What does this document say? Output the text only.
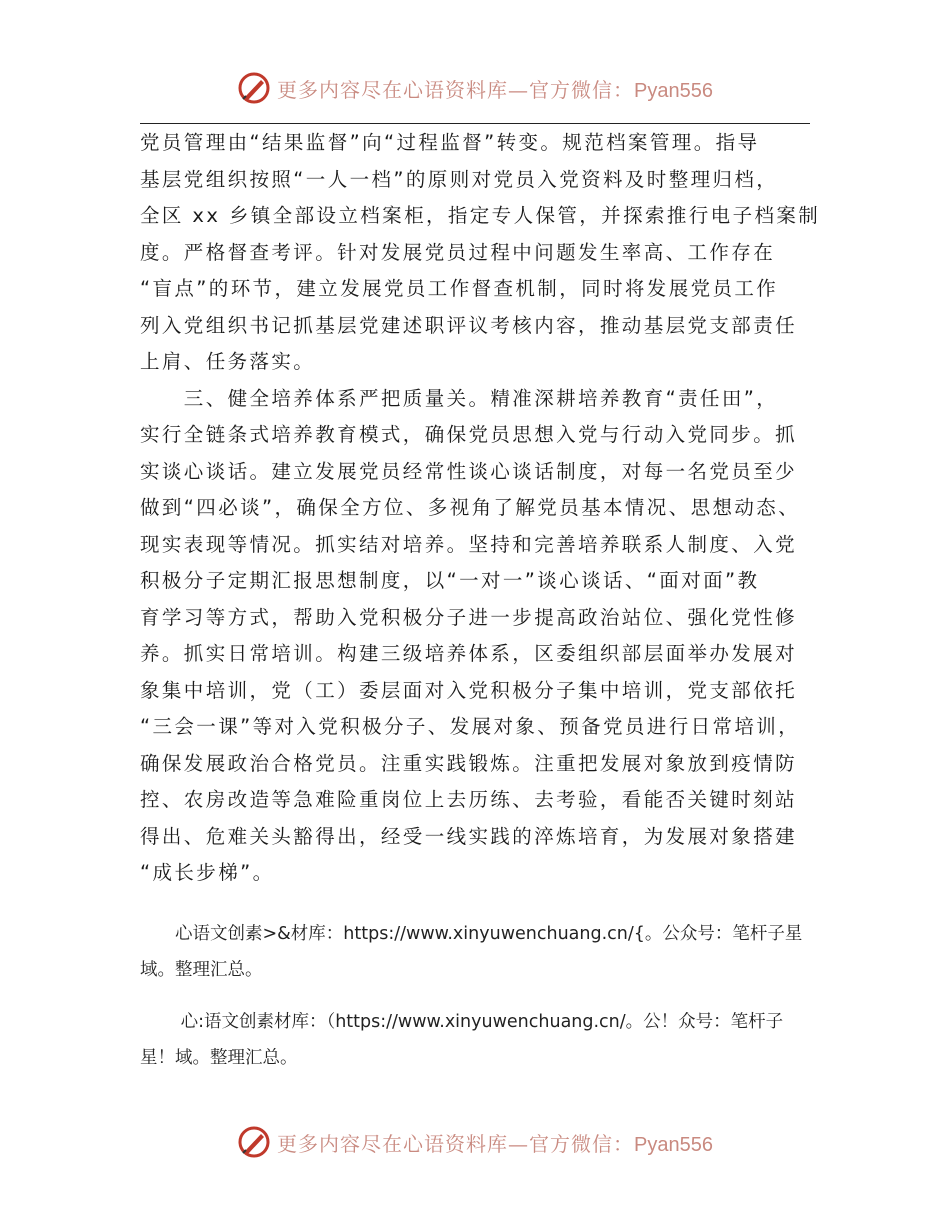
更多内容尽在心语资料库—官方微信：Pyan556
党员管理由“结果监督”向“过程监督”转变。规范档案管理。指导
基层党组织按照“一人一档”的原则对党员入党资料及时整理归档，
全区 xx 乡镇全部设立档案柜，指定专人保管，并探索推行电子档案制
度。严格督查考评。针对发展党员过程中问题发生率高、工作存在
“盲点”的环节，建立发展党员工作督查机制，同时将发展党员工作
列入党组织书记抓基层党建述职评议考核内容，推动基层党支部责任
上肩、任务落实。
　　三、健全培养体系严把质量关。精准深耕培养教育“责任田”，
实行全链条式培养教育模式，确保党员思想入党与行动入党同步。抓
实谈心谈话。建立发展党员经常性谈心谈话制度，对每一名党员至少
做到“四必谈”，确保全方位、多视角了解党员基本情况、思想动态、
现实表现等情况。抓实结对培养。坚持和完善培养联系人制度、入党
积极分子定期汇报思想制度，以“一对一”谈心谈话、“面对面”教
育学习等方式，帮助入党积极分子进一步提高政治站位、强化党性修
养。抓实日常培训。构建三级培养体系，区委组织部层面举办发展对
象集中培训，党（工）委层面对入党积极分子集中培训，党支部依托
“三会一课”等对入党积极分子、发展对象、预备党员进行日常培训，
确保发展政治合格党员。注重实践锻炼。注重把发展对象放到疫情防
控、农房改造等急难险重岗位上去历练、去考验，看能否关键时刻站
得出、危难关头豁得出，经受一线实践的淬炼培育，为发展对象搭建
“成长步梯”。
　　心语文创素>&材库：https://www.xinyuwenchuang.cn/{。公众号：笔杆子星
域。整理汇总。
　　 心:语文创素材库：（https://www.xinyuwenchuang.cn/。公！众号：笔杆子
星！域。整理汇总。
更多内容尽在心语资料库—官方微信：Pyan556
